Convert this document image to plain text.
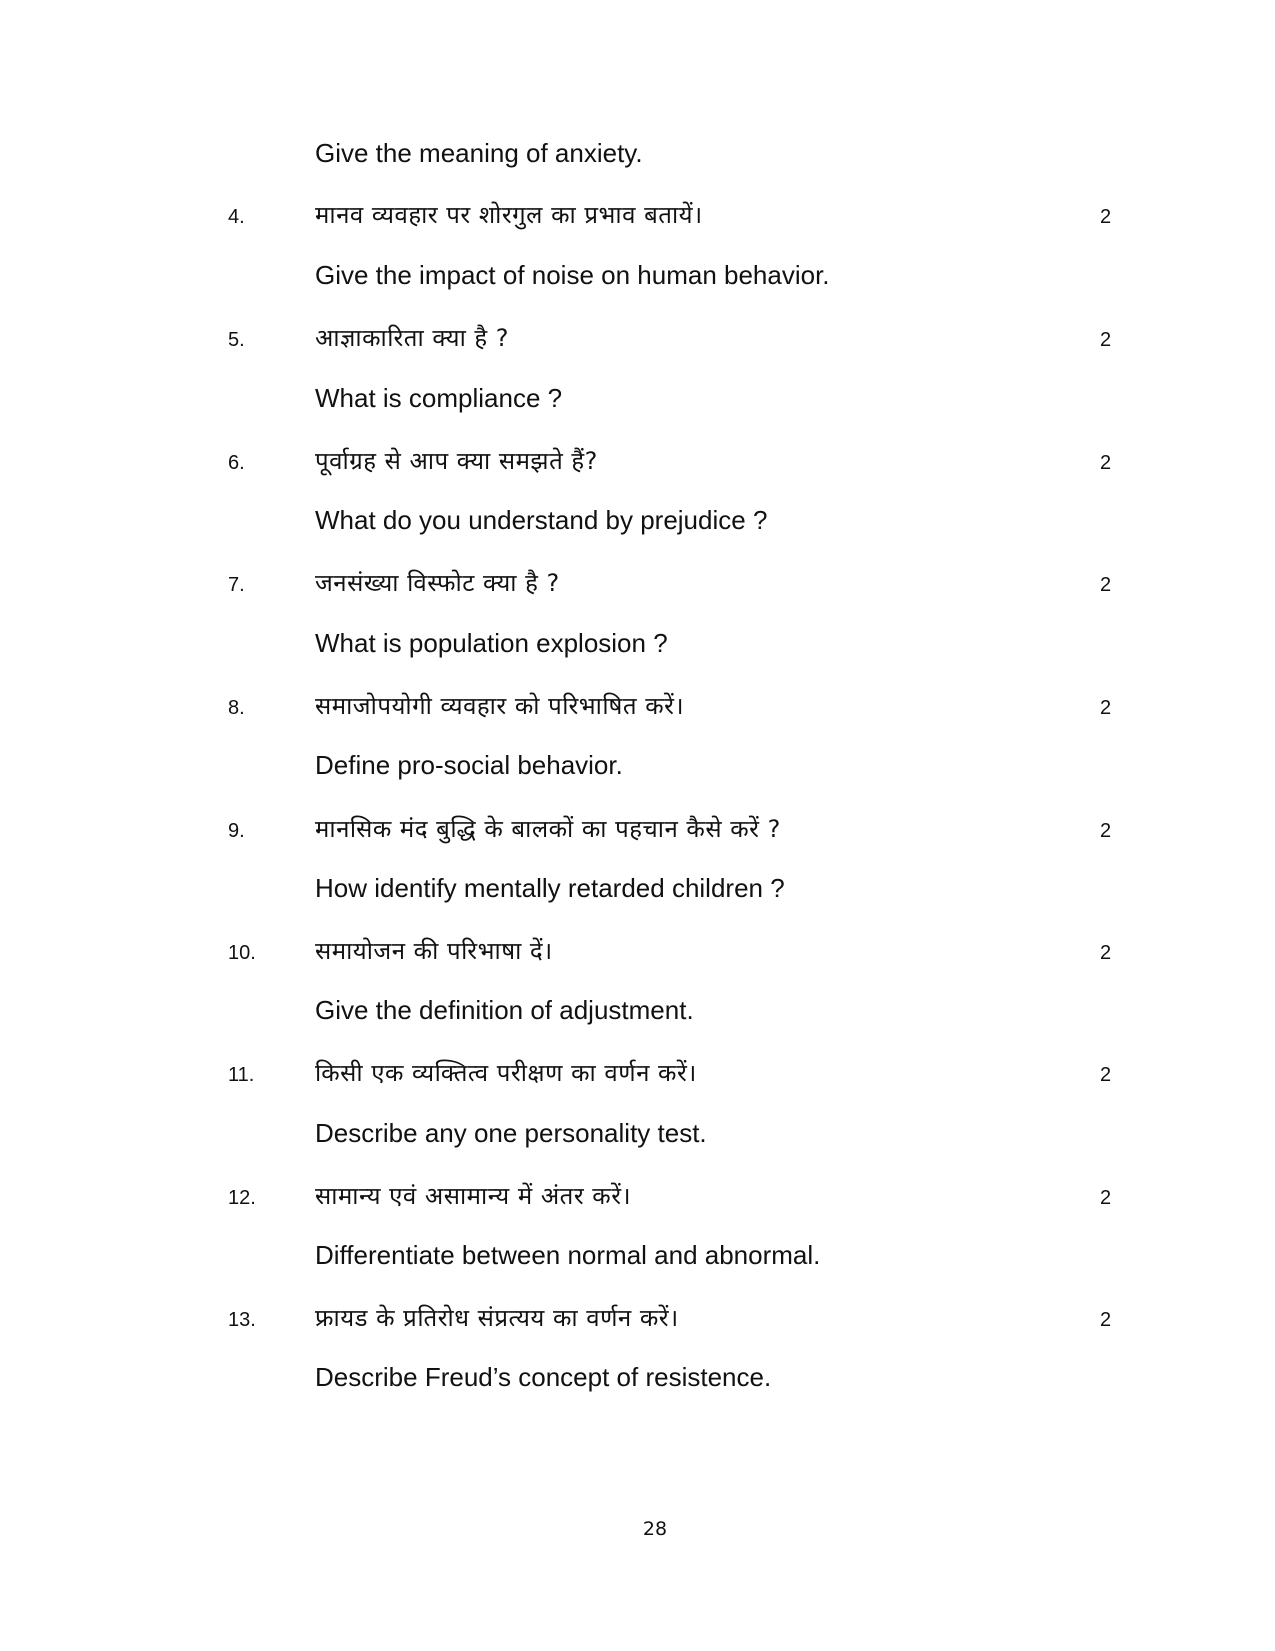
Give the meaning of anxiety.
4.	मानव व्यवहार पर शोरगुल का प्रभाव बतायें।	2
Give the impact of noise on human behavior.
5.	आज्ञाकारिता क्या है ?	2
What is compliance ?
6.	पूर्वाग्रह से आप क्या समझते हैं?	2
What do you understand by prejudice ?
7.	जनसंख्या विस्फोट क्या है ?	2
What is population explosion ?
8.	समाजोपयोगी व्यवहार को परिभाषित करें।	2
Define pro-social behavior.
9.	मानसिक मंद बुद्धि के बालकों का पहचान कैसे करें ?	2
How identify mentally retarded children ?
10. समायोजन की परिभाषा दें।	2
Give the definition of adjustment.
11.	किसी एक व्यक्तित्व परीक्षण का वर्णन करें।	2
Describe any one personality test.
12. सामान्य एवं असामान्य में अंतर करें।	2
Differentiate between normal and abnormal.
13. फ्रायड के प्रतिरोध संप्रत्यय का वर्णन करें।	2
Describe Freud’s concept of resistence.
28
